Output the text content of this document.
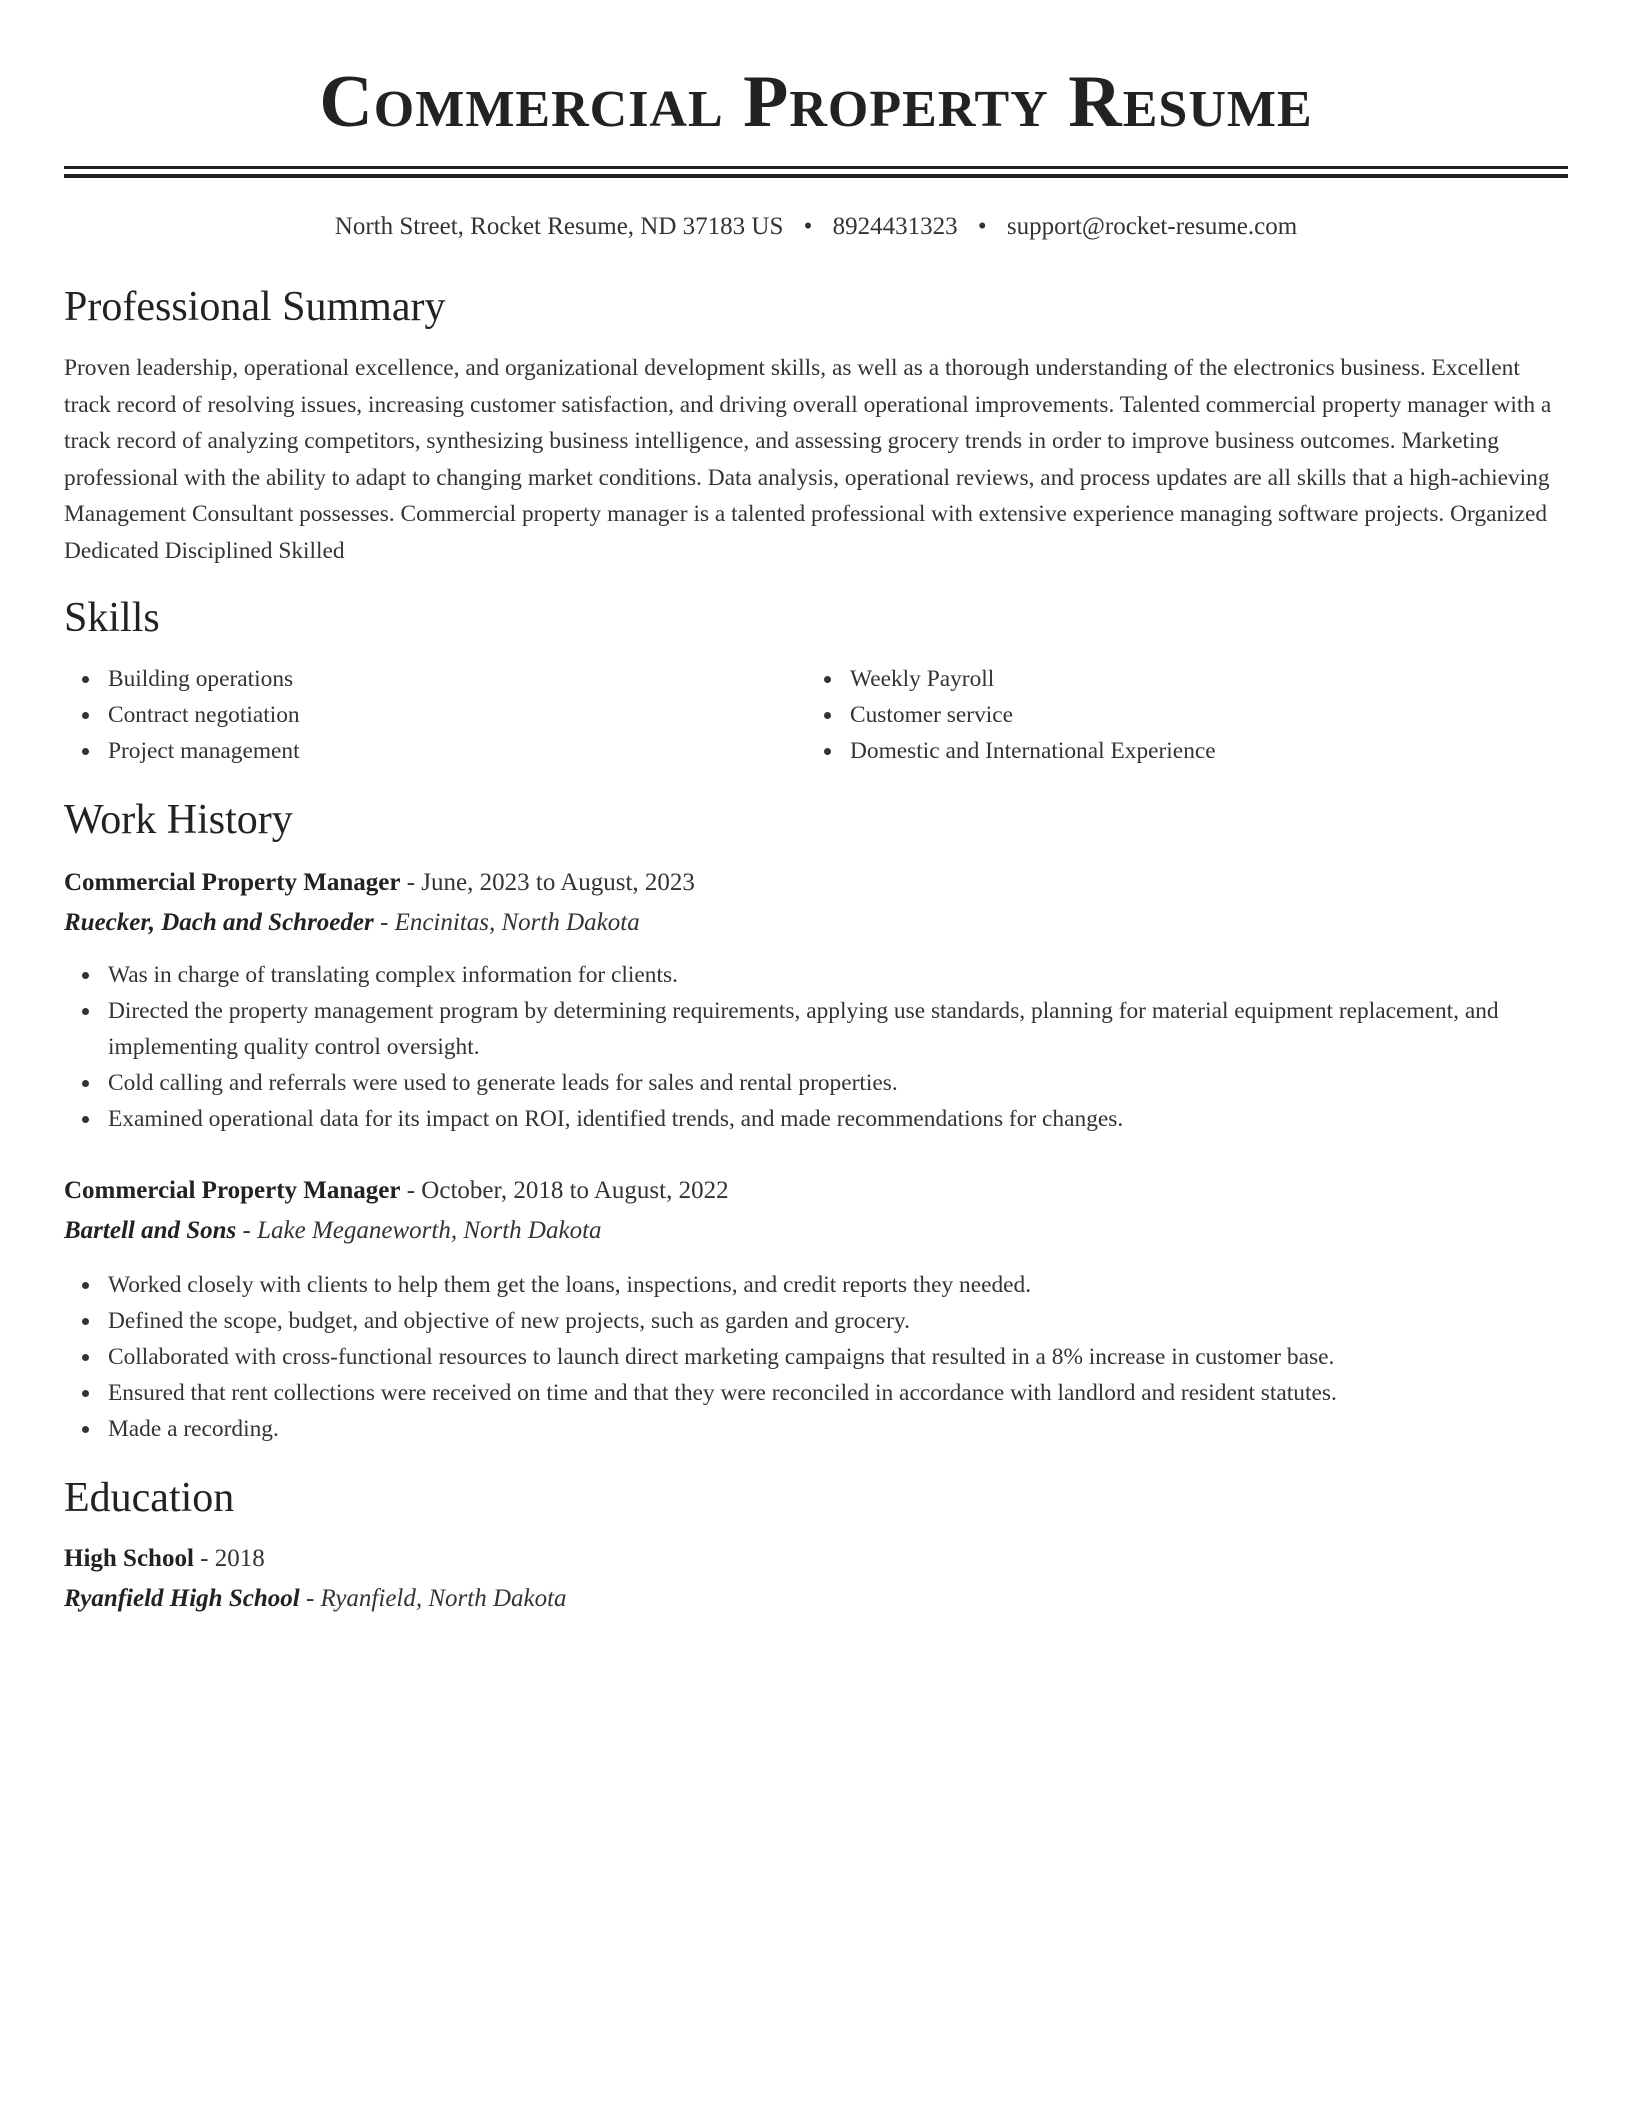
Commercial Property Resume
North Street, Rocket Resume, ND 37183 US • 8924431323 • support@rocket-resume.com
Professional Summary

Proven leadership, operational excellence, and organizational development skills, as well as a thorough understanding of the electronics business. Excellent track record of resolving issues, increasing customer satisfaction, and driving overall operational improvements. Talented commercial property manager with a track record of analyzing competitors, synthesizing business intelligence, and assessing grocery trends in order to improve business outcomes. Marketing professional with the ability to adapt to changing market conditions. Data analysis, operational reviews, and process updates are all skills that a high-achieving Management Consultant possesses. Commercial property manager is a talented professional with extensive experience managing software projects. Organized Dedicated Disciplined Skilled

Skills
Building operations
Contract negotiation
Project management
Weekly Payroll
Customer service
Domestic and International Experience
Work History
Commercial Property Manager - June, 2023 to August, 2023
Ruecker, Dach and Schroeder - Encinitas, North Dakota
Was in charge of translating complex information for clients.
Directed the property management program by determining requirements, applying use standards, planning for material equipment replacement, and implementing quality control oversight.
Cold calling and referrals were used to generate leads for sales and rental properties.
Examined operational data for its impact on ROI, identified trends, and made recommendations for changes.
Commercial Property Manager - October, 2018 to August, 2022
Bartell and Sons - Lake Meganeworth, North Dakota
Worked closely with clients to help them get the loans, inspections, and credit reports they needed.
Defined the scope, budget, and objective of new projects, such as garden and grocery.
Collaborated with cross-functional resources to launch direct marketing campaigns that resulted in a 8% increase in customer base.
Ensured that rent collections were received on time and that they were reconciled in accordance with landlord and resident statutes.
Made a recording.
Education
High School - 2018
Ryanfield High School - Ryanfield, North Dakota
